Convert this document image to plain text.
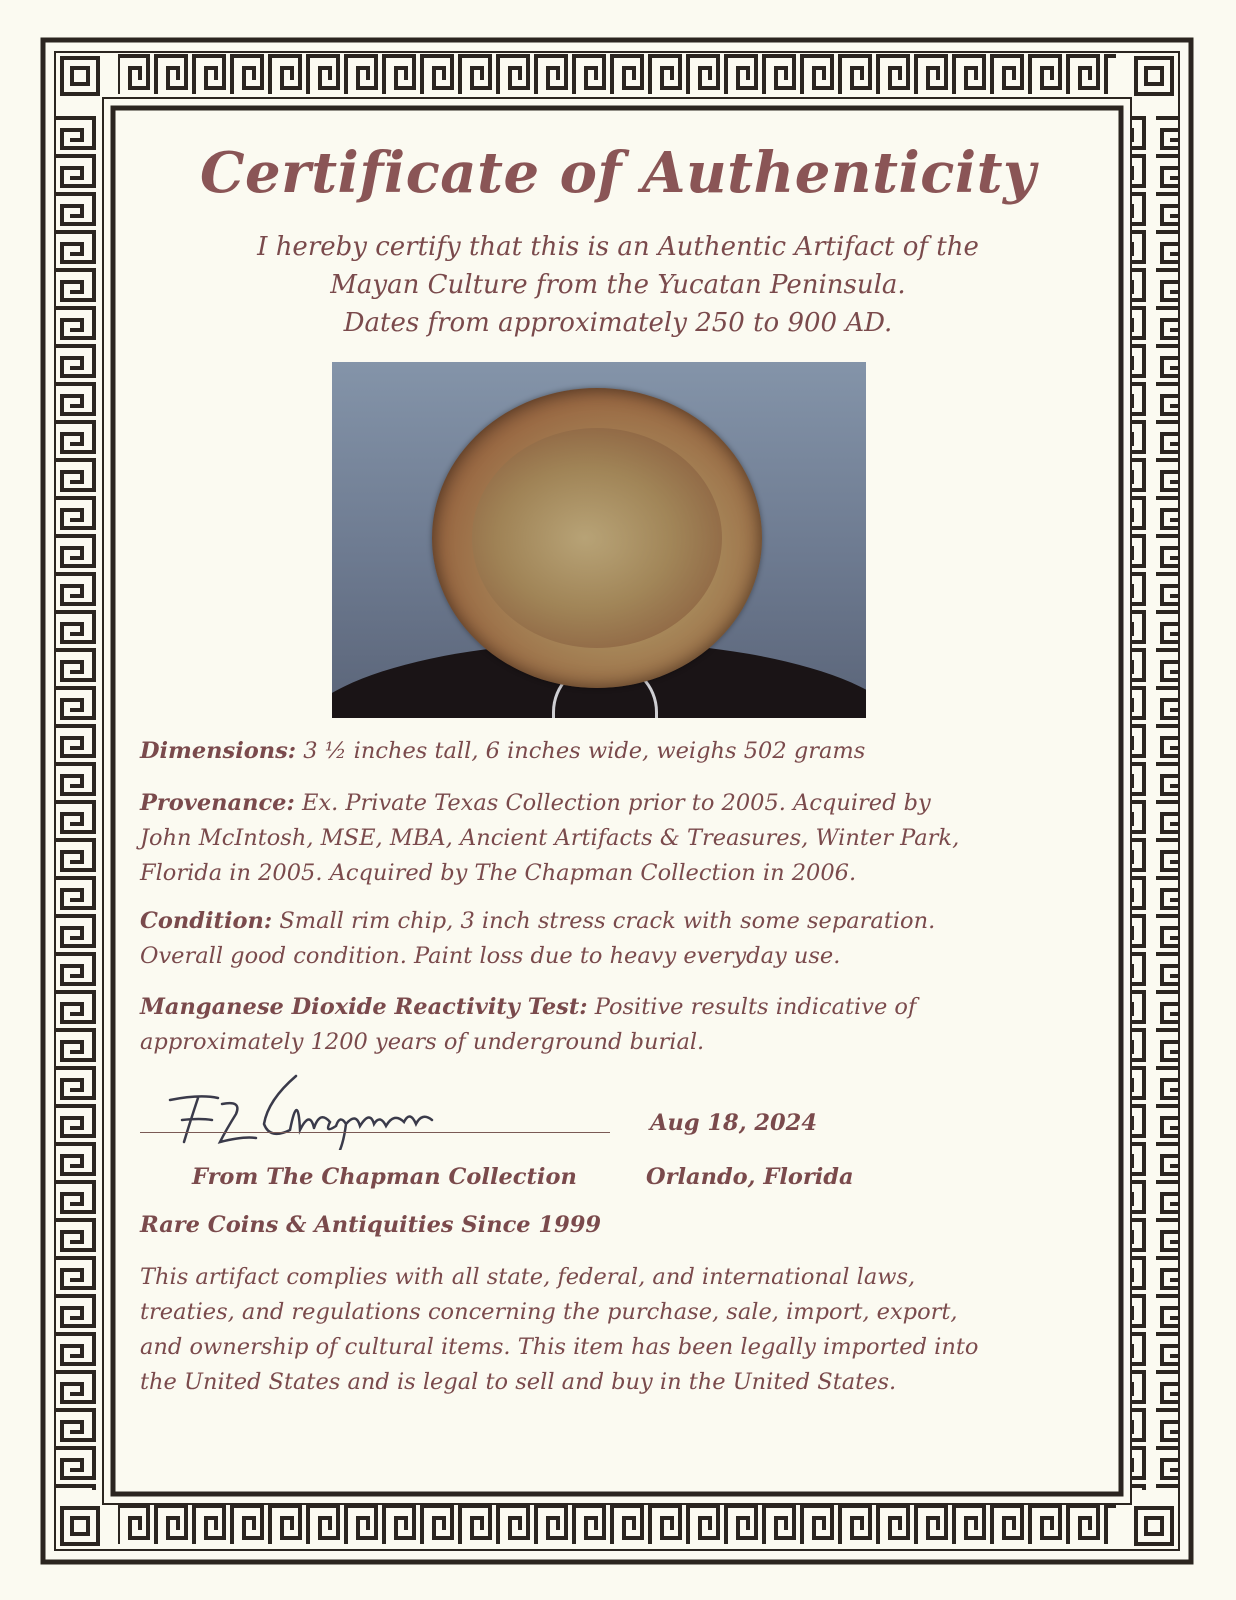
Certificate of Authenticity
I hereby certify that this is an Authentic Artifact of the
Mayan Culture from the Yucatan Peninsula.
Dates from approximately 250 to 900 AD.
Dimensions: 3 ½ inches tall, 6 inches wide, weighs 502 grams
Provenance: Ex. Private Texas Collection prior to 2005. Acquired by
John McIntosh, MSE, MBA, Ancient Artifacts & Treasures, Winter Park,
Florida in 2005. Acquired by The Chapman Collection in 2006.
Condition: Small rim chip, 3 inch stress crack with some separation.
Overall good condition. Paint loss due to heavy everyday use.
Manganese Dioxide Reactivity Test: Positive results indicative of
approximately 1200 years of underground burial.
Aug 18, 2024
From The Chapman Collection	Orlando, Florida
Rare Coins & Antiquities Since 1999
This artifact complies with all state, federal, and international laws,
treaties, and regulations concerning the purchase, sale, import, export,
and ownership of cultural items. This item has been legally imported into
the United States and is legal to sell and buy in the United States.
